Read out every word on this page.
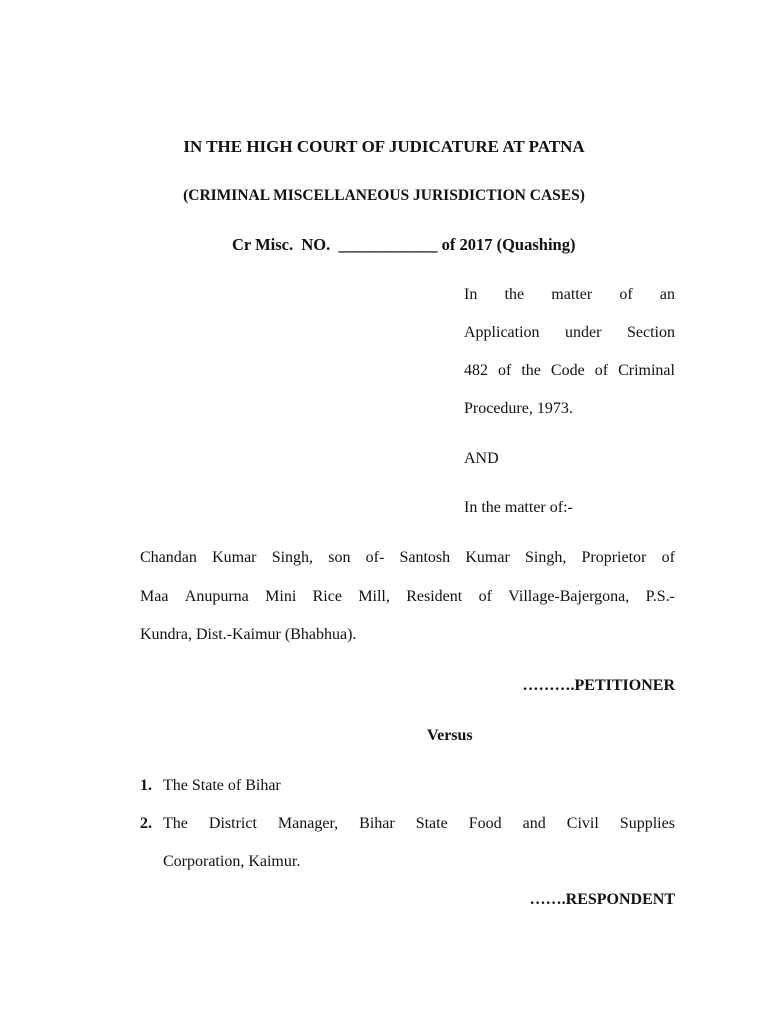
IN THE HIGH COURT OF JUDICATURE AT PATNA
(CRIMINAL MISCELLANEOUS JURISDICTION CASES)
Cr Misc.  NO.  ____________ of 2017 (Quashing)
In the matter of an
Application under Section
482 of the Code of Criminal
Procedure, 1973.
AND
In the matter of:-
Chandan Kumar Singh, son of- Santosh Kumar Singh, Proprietor of
Maa Anupurna Mini Rice Mill, Resident of Village-Bajergona, P.S.-
Kundra, Dist.-Kaimur (Bhabhua).
……….PETITIONER
Versus
1. The State of Bihar
2. The District Manager, Bihar State Food and Civil Supplies
Corporation, Kaimur.
…….RESPONDENT
